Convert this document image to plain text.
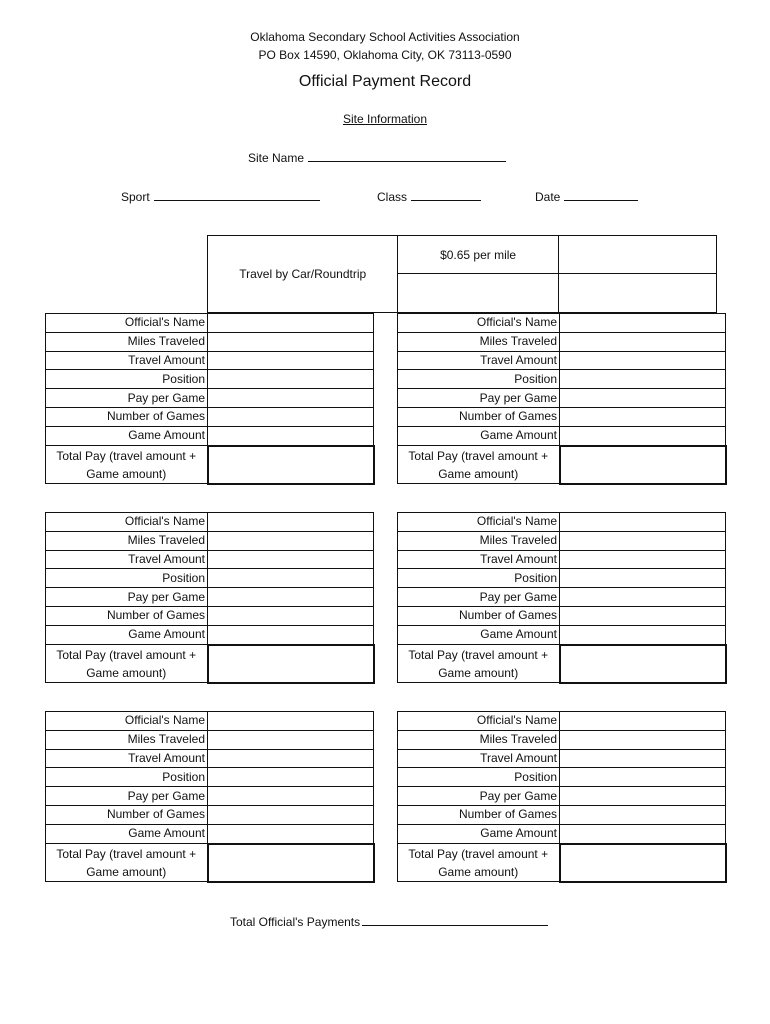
Oklahoma Secondary School Activities Association
PO Box 14590, Oklahoma City, OK 73113-0590
Official Payment Record
Site Information
Site Name
Sport	Class	Date
Travel by Car/Roundtrip	$0.65 per mile	

Official's Name	
Miles Traveled	
Travel Amount	
Position	
Pay per Game	
Number of Games	
Game Amount	
Total Pay (travel amount + Game amount)	
Official's Name	
Miles Traveled	
Travel Amount	
Position	
Pay per Game	
Number of Games	
Game Amount	
Total Pay (travel amount + Game amount)	
Official's Name	
Miles Traveled	
Travel Amount	
Position	
Pay per Game	
Number of Games	
Game Amount	
Total Pay (travel amount + Game amount)	
Official's Name	
Miles Traveled	
Travel Amount	
Position	
Pay per Game	
Number of Games	
Game Amount	
Total Pay (travel amount + Game amount)	
Official's Name	
Miles Traveled	
Travel Amount	
Position	
Pay per Game	
Number of Games	
Game Amount	
Total Pay (travel amount + Game amount)	
Official's Name	
Miles Traveled	
Travel Amount	
Position	
Pay per Game	
Number of Games	
Game Amount	
Total Pay (travel amount + Game amount)	
Total Official's Payments
